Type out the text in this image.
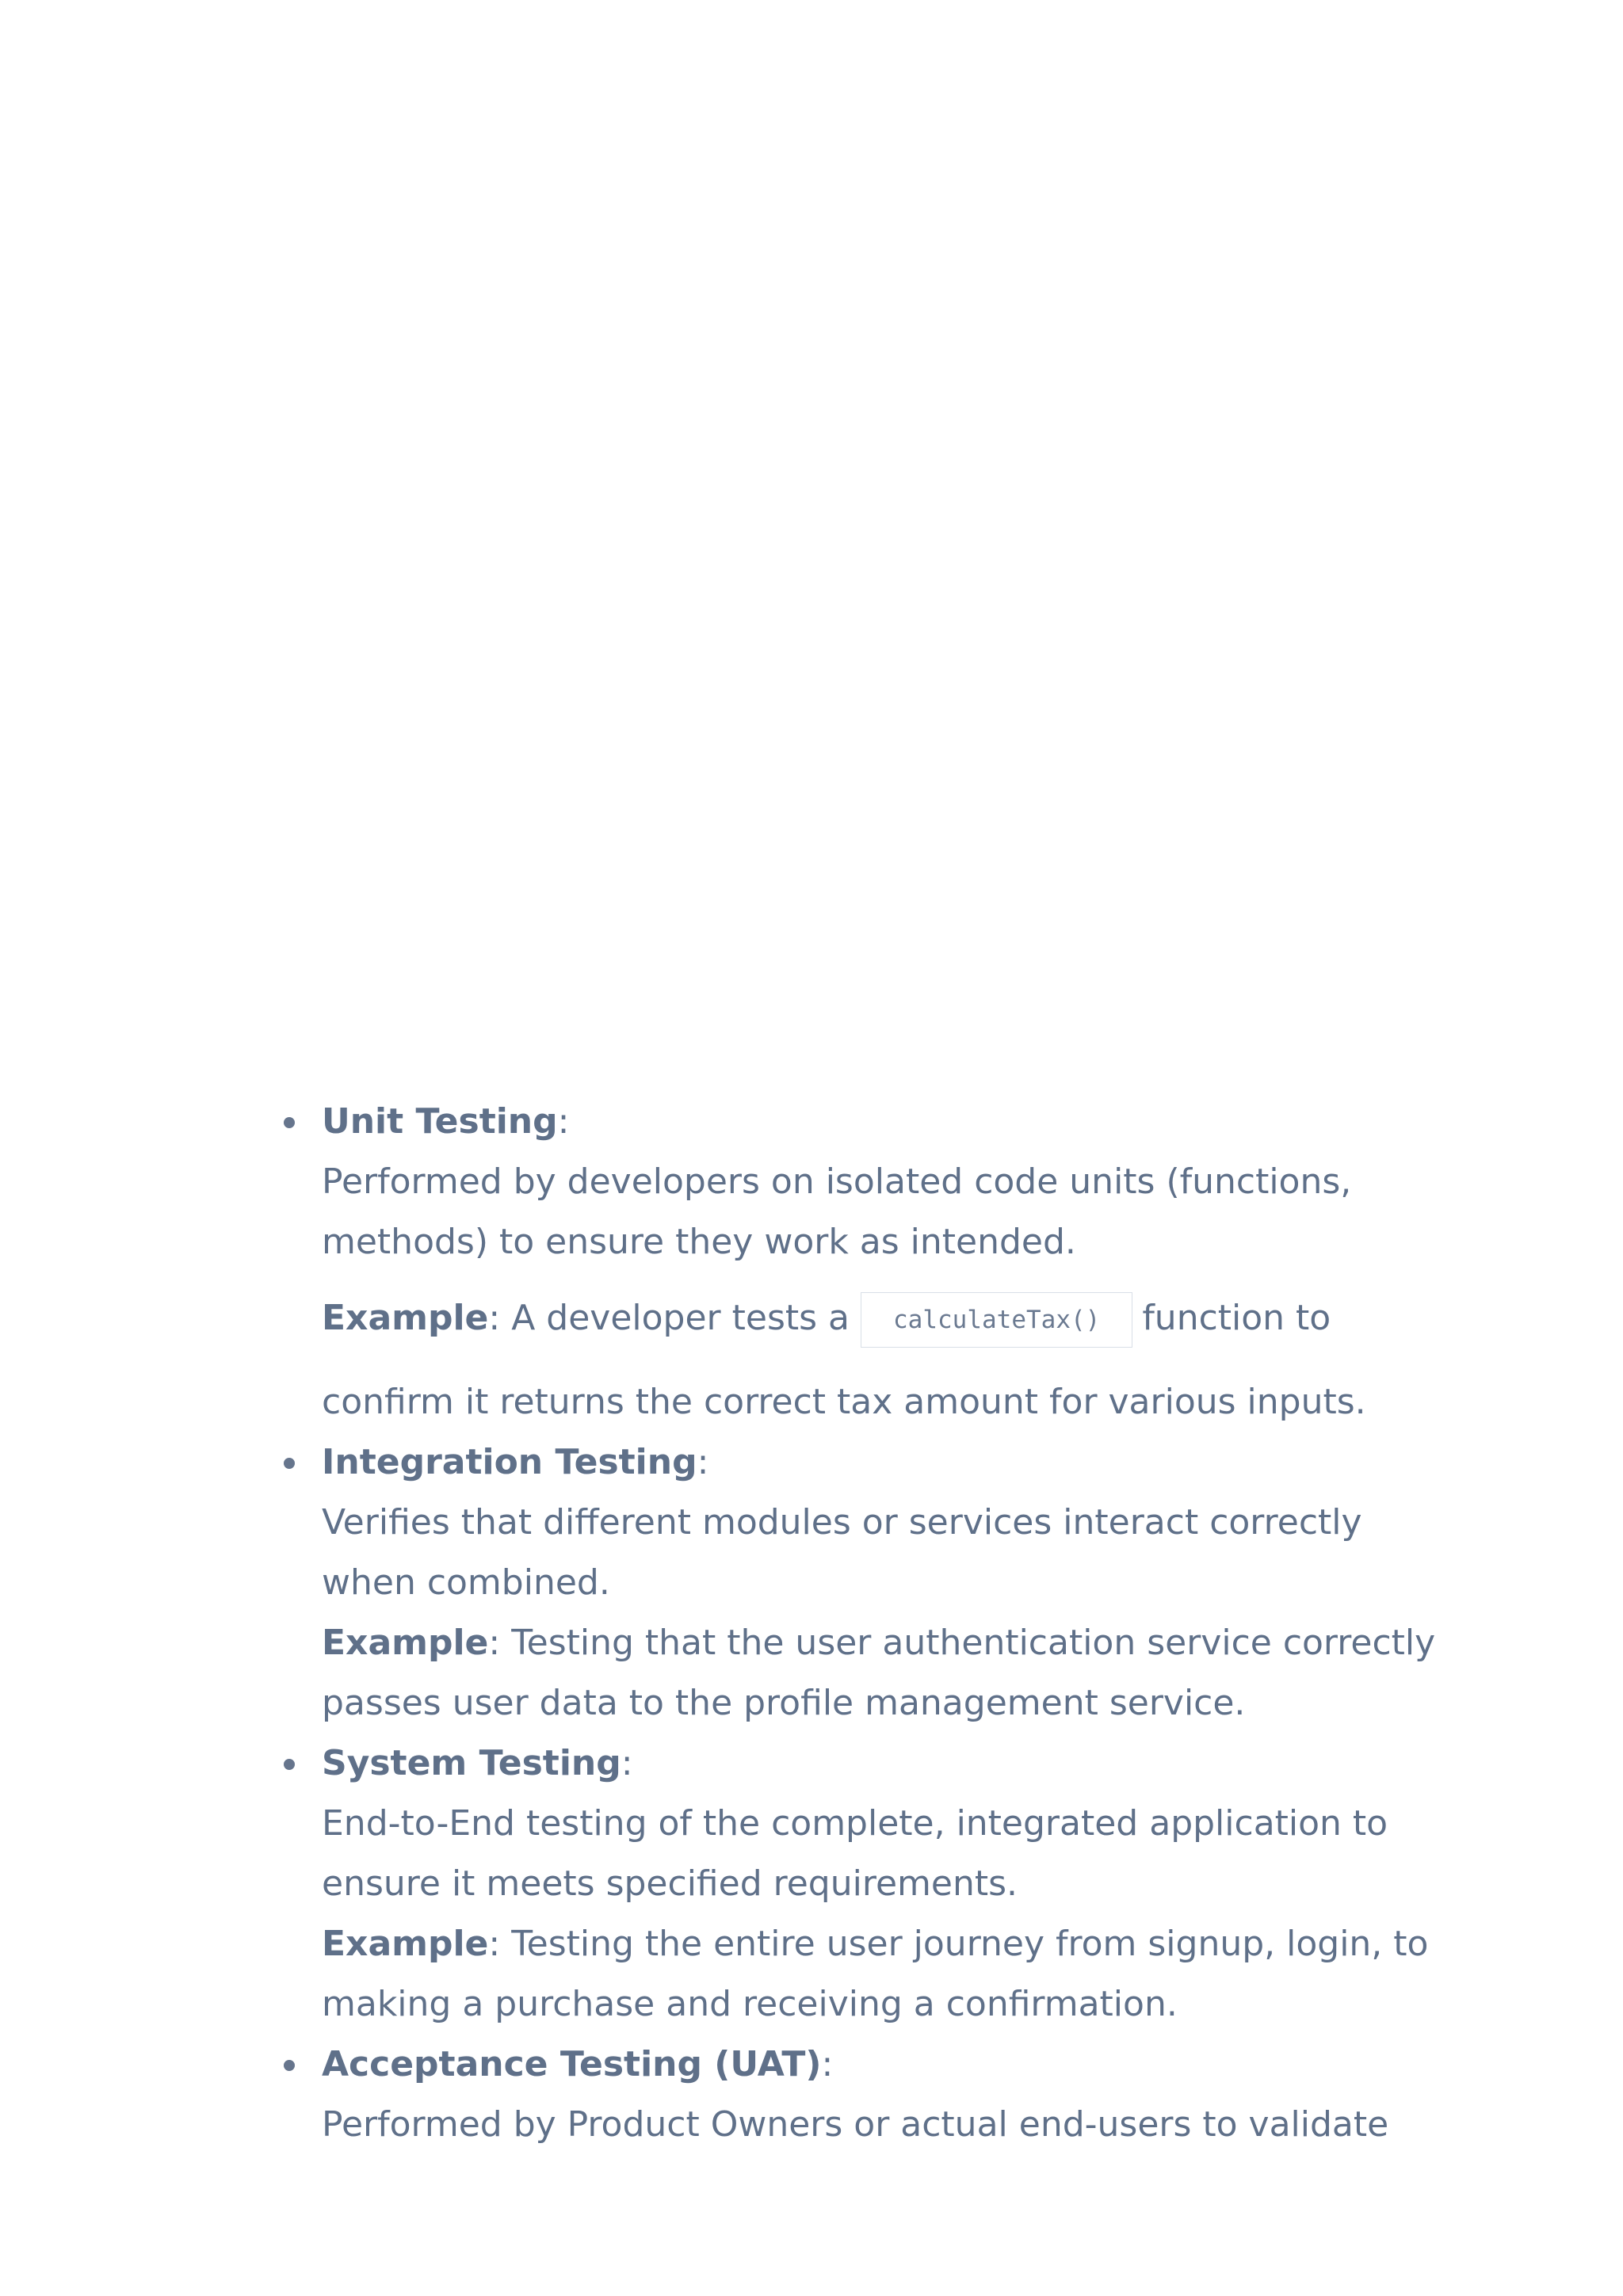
Unit Testing:
Performed by developers on isolated code units (functions, methods) to ensure they work as intended.
Example: A developer tests a calculateTax() function to
confirm it returns the correct tax amount for various inputs.
Integration Testing:
Verifies that different modules or services interact correctly when combined.
Example: Testing that the user authentication service correctly passes user data to the profile management service.
System Testing:
End-to-End testing of the complete, integrated application to ensure it meets specified requirements.
Example: Testing the entire user journey from signup, login, to making a purchase and receiving a confirmation.
Acceptance Testing (UAT):
Performed by Product Owners or actual end-users to validate
